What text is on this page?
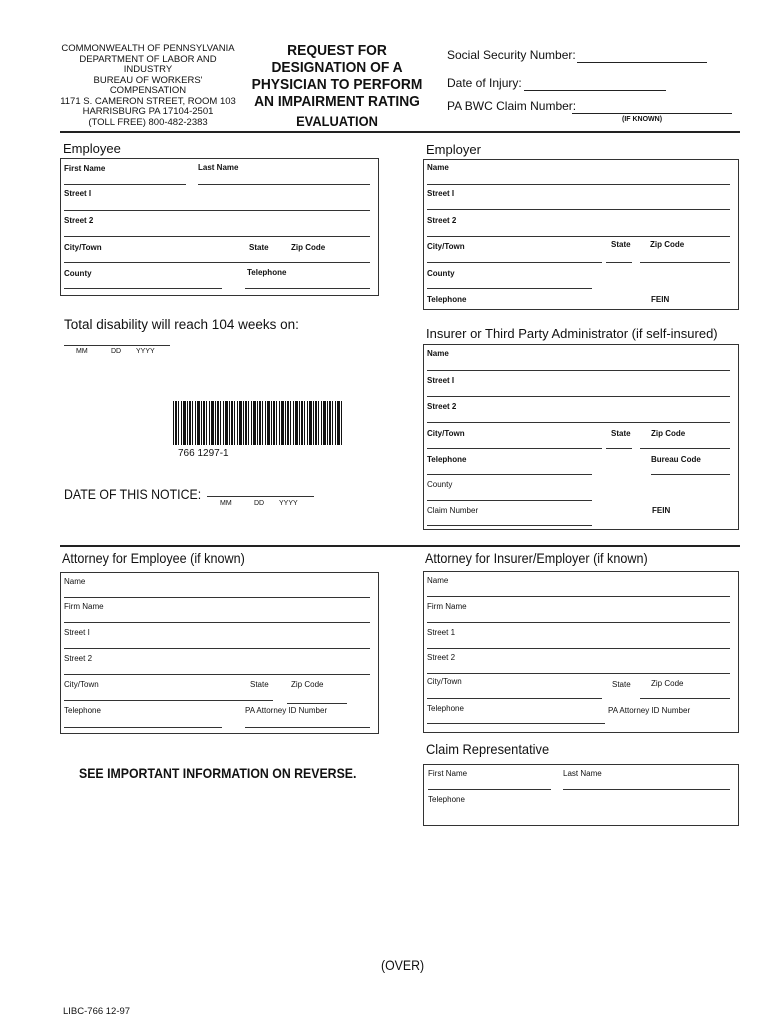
COMMONWEALTH OF PENNSYLVANIA
DEPARTMENT OF LABOR AND INDUSTRY
BUREAU OF WORKERS' COMPENSATION
1171 S. CAMERON STREET, ROOM 103
HARRISBURG PA 17104-2501
(TOLL FREE) 800-482-2383
REQUEST FOR
DESIGNATION OF A
PHYSICIAN TO PERFORM
AN IMPAIRMENT RATING
EVALUATION
Social Security Number:
Date of Injury:
PA BWC Claim Number:
(IF KNOWN)
Employee
First Name	Last Name
Street I
Street 2
City/Town	State	Zip Code
County	Telephone
Employer
Name
Street I
Street 2
City/Town	State Zip Code
County
Telephone	FEIN
Total disability will reach 104 weeks on:
MM	DD YYYY
766 1297-1
DATE OF THIS NOTICE:
MM	DD YYYY
Insurer or Third Party Administrator (if self-insured)
Name
Street I
Street 2
City/Town	State	Zip Code
Telephone	Bureau Code
County
Claim Number	FEIN
Attorney for Employee (if known)
Name
Firm Name
Street I
Street 2
City/Town	State	Zip Code
Telephone	PA Attorney ID Number
Attorney for Insurer/Employer (if known)
Name
Firm Name
Street 1
Street 2
City/Town	State	Zip Code
Telephone	PA Attorney ID Number
Claim Representative
First Name	Last Name
Telephone
SEE IMPORTANT INFORMATION ON REVERSE.
(OVER)
LIBC-766 12-97
